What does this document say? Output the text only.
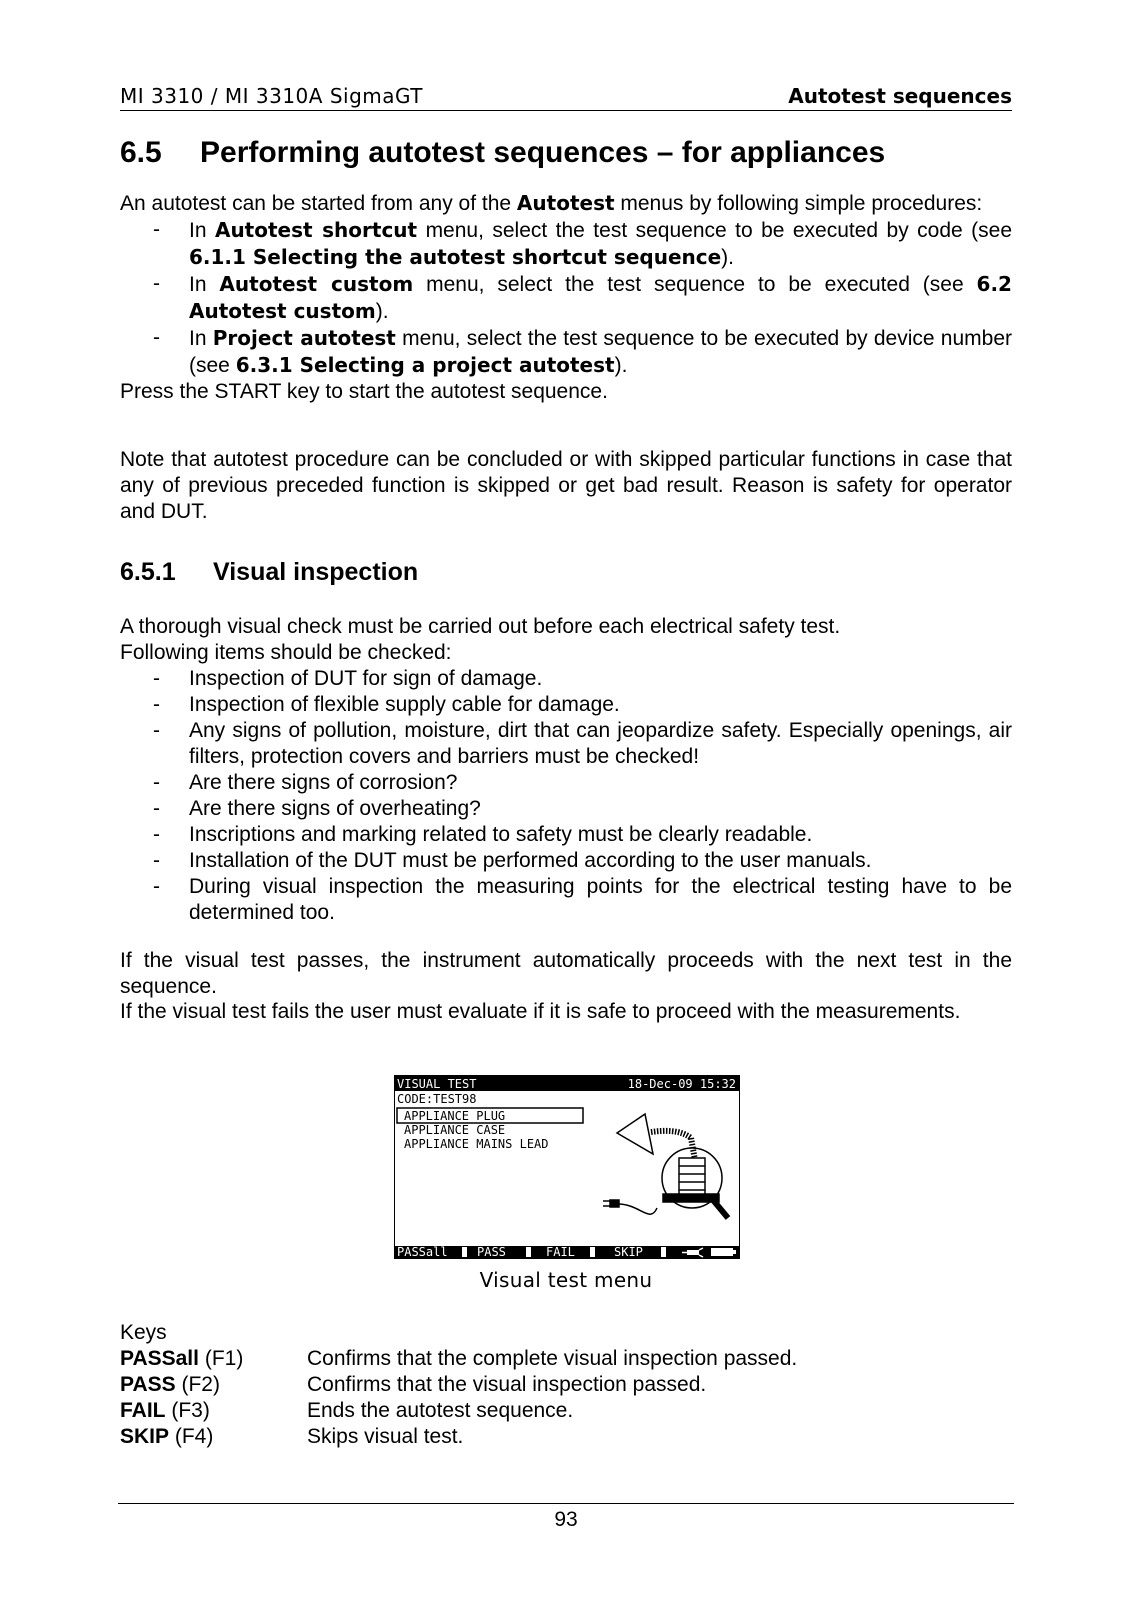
MI 3310 / MI 3310A SigmaGT	Autotest sequences
6.5 Performing autotest sequences – for appliances
An autotest can be started from any of the Autotest menus by following simple procedures:
- In Autotest shortcut menu, select the test sequence to be executed by code (see 6.1.1 Selecting the autotest shortcut sequence).
- In Autotest custom menu, select the test sequence to be executed (see 6.2 Autotest custom).
- In Project autotest menu, select the test sequence to be executed by device number (see 6.3.1 Selecting a project autotest).
Press the START key to start the autotest sequence.
Note that autotest procedure can be concluded or with skipped particular functions in case that any of previous preceded function is skipped or get bad result. Reason is safety for operator and DUT.
6.5.1 Visual inspection
A thorough visual check must be carried out before each electrical safety test.
Following items should be checked:
- Inspection of DUT for sign of damage.
- Inspection of flexible supply cable for damage.
- Any signs of pollution, moisture, dirt that can jeopardize safety. Especially openings, air filters, protection covers and barriers must be checked!
- Are there signs of corrosion?
- Are there signs of overheating?
- Inscriptions and marking related to safety must be clearly readable.
- Installation of the DUT must be performed according to the user manuals.
- During visual inspection the measuring points for the electrical testing have to be determined too.
If the visual test passes, the instrument automatically proceeds with the next test in the sequence.
If the visual test fails the user must evaluate if it is safe to proceed with the measurements.
VISUAL TEST	18-Dec-09 15:32
CODE:TEST98
APPLIANCE PLUG
APPLIANCE CASE
APPLIANCE MAINS LEAD
PASSall PASS	FAIL	SKIP
Visual test menu
Keys
PASSall (F1)	Confirms that the complete visual inspection passed.
PASS (F2)	Confirms that the visual inspection passed.
FAIL (F3)	Ends the autotest sequence.
SKIP (F4)	Skips visual test.
93
